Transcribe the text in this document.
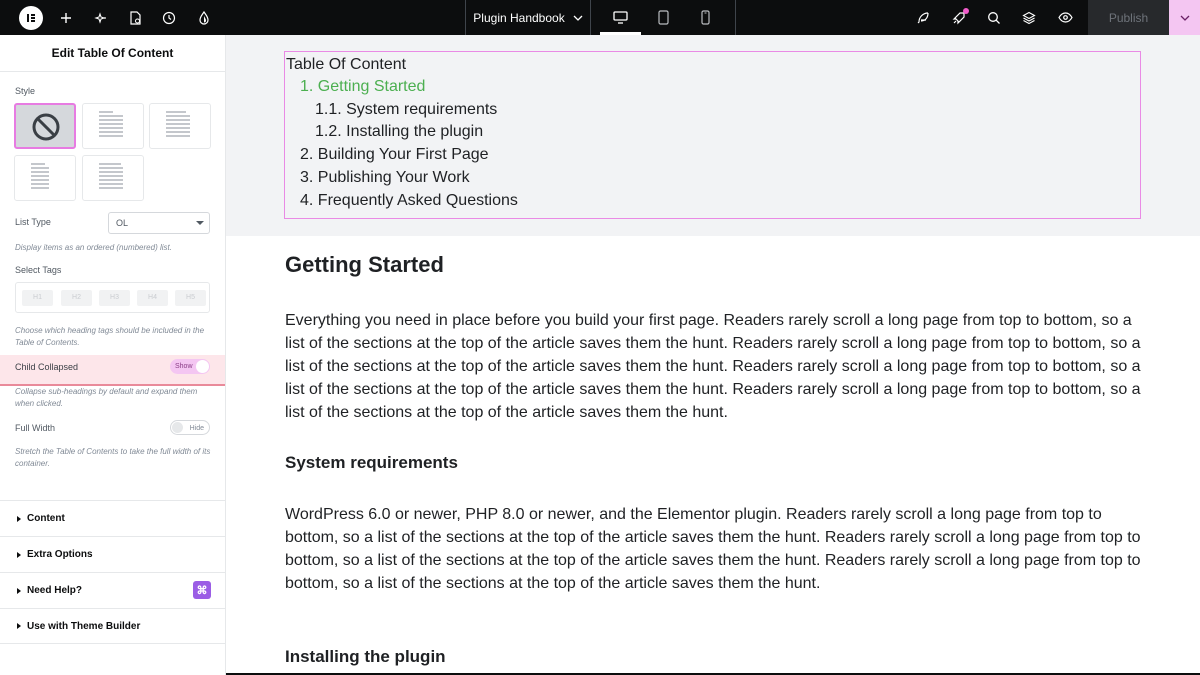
Plugin Handbook	Publish
Edit Table Of Content
Style
List Type	OL
Display items as an ordered (numbered) list.
Select Tags
H1	H2	H3	H4	H5
Choose which heading tags should be included in the Table of Contents.
Child Collapsed	Show
Collapse sub-headings by default and expand them when clicked.
Full Width	Hide
Stretch the Table of Contents to take the full width of its container.
Content
Extra Options
Need Help?	⌘
Use with Theme Builder
Table Of Content
1. Getting Started
1.1. System requirements
1.2. Installing the plugin
2. Building Your First Page
3. Publishing Your Work
4. Frequently Asked Questions
Getting Started
Everything you need in place before you build your first page. Readers rarely scroll a long page from top to bottom, so a list of the sections at the top of the article saves them the hunt. Readers rarely scroll a long page from top to bottom, so a list of the sections at the top of the article saves them the hunt. Readers rarely scroll a long page from top to bottom, so a list of the sections at the top of the article saves them the hunt. Readers rarely scroll a long page from top to bottom, so a list of the sections at the top of the article saves them the hunt.
System requirements
WordPress 6.0 or newer, PHP 8.0 or newer, and the Elementor plugin. Readers rarely scroll a long page from top to bottom, so a list of the sections at the top of the article saves them the hunt. Readers rarely scroll a long page from top to bottom, so a list of the sections at the top of the article saves them the hunt. Readers rarely scroll a long page from top to bottom, so a list of the sections at the top of the article saves them the hunt.
Installing the plugin
